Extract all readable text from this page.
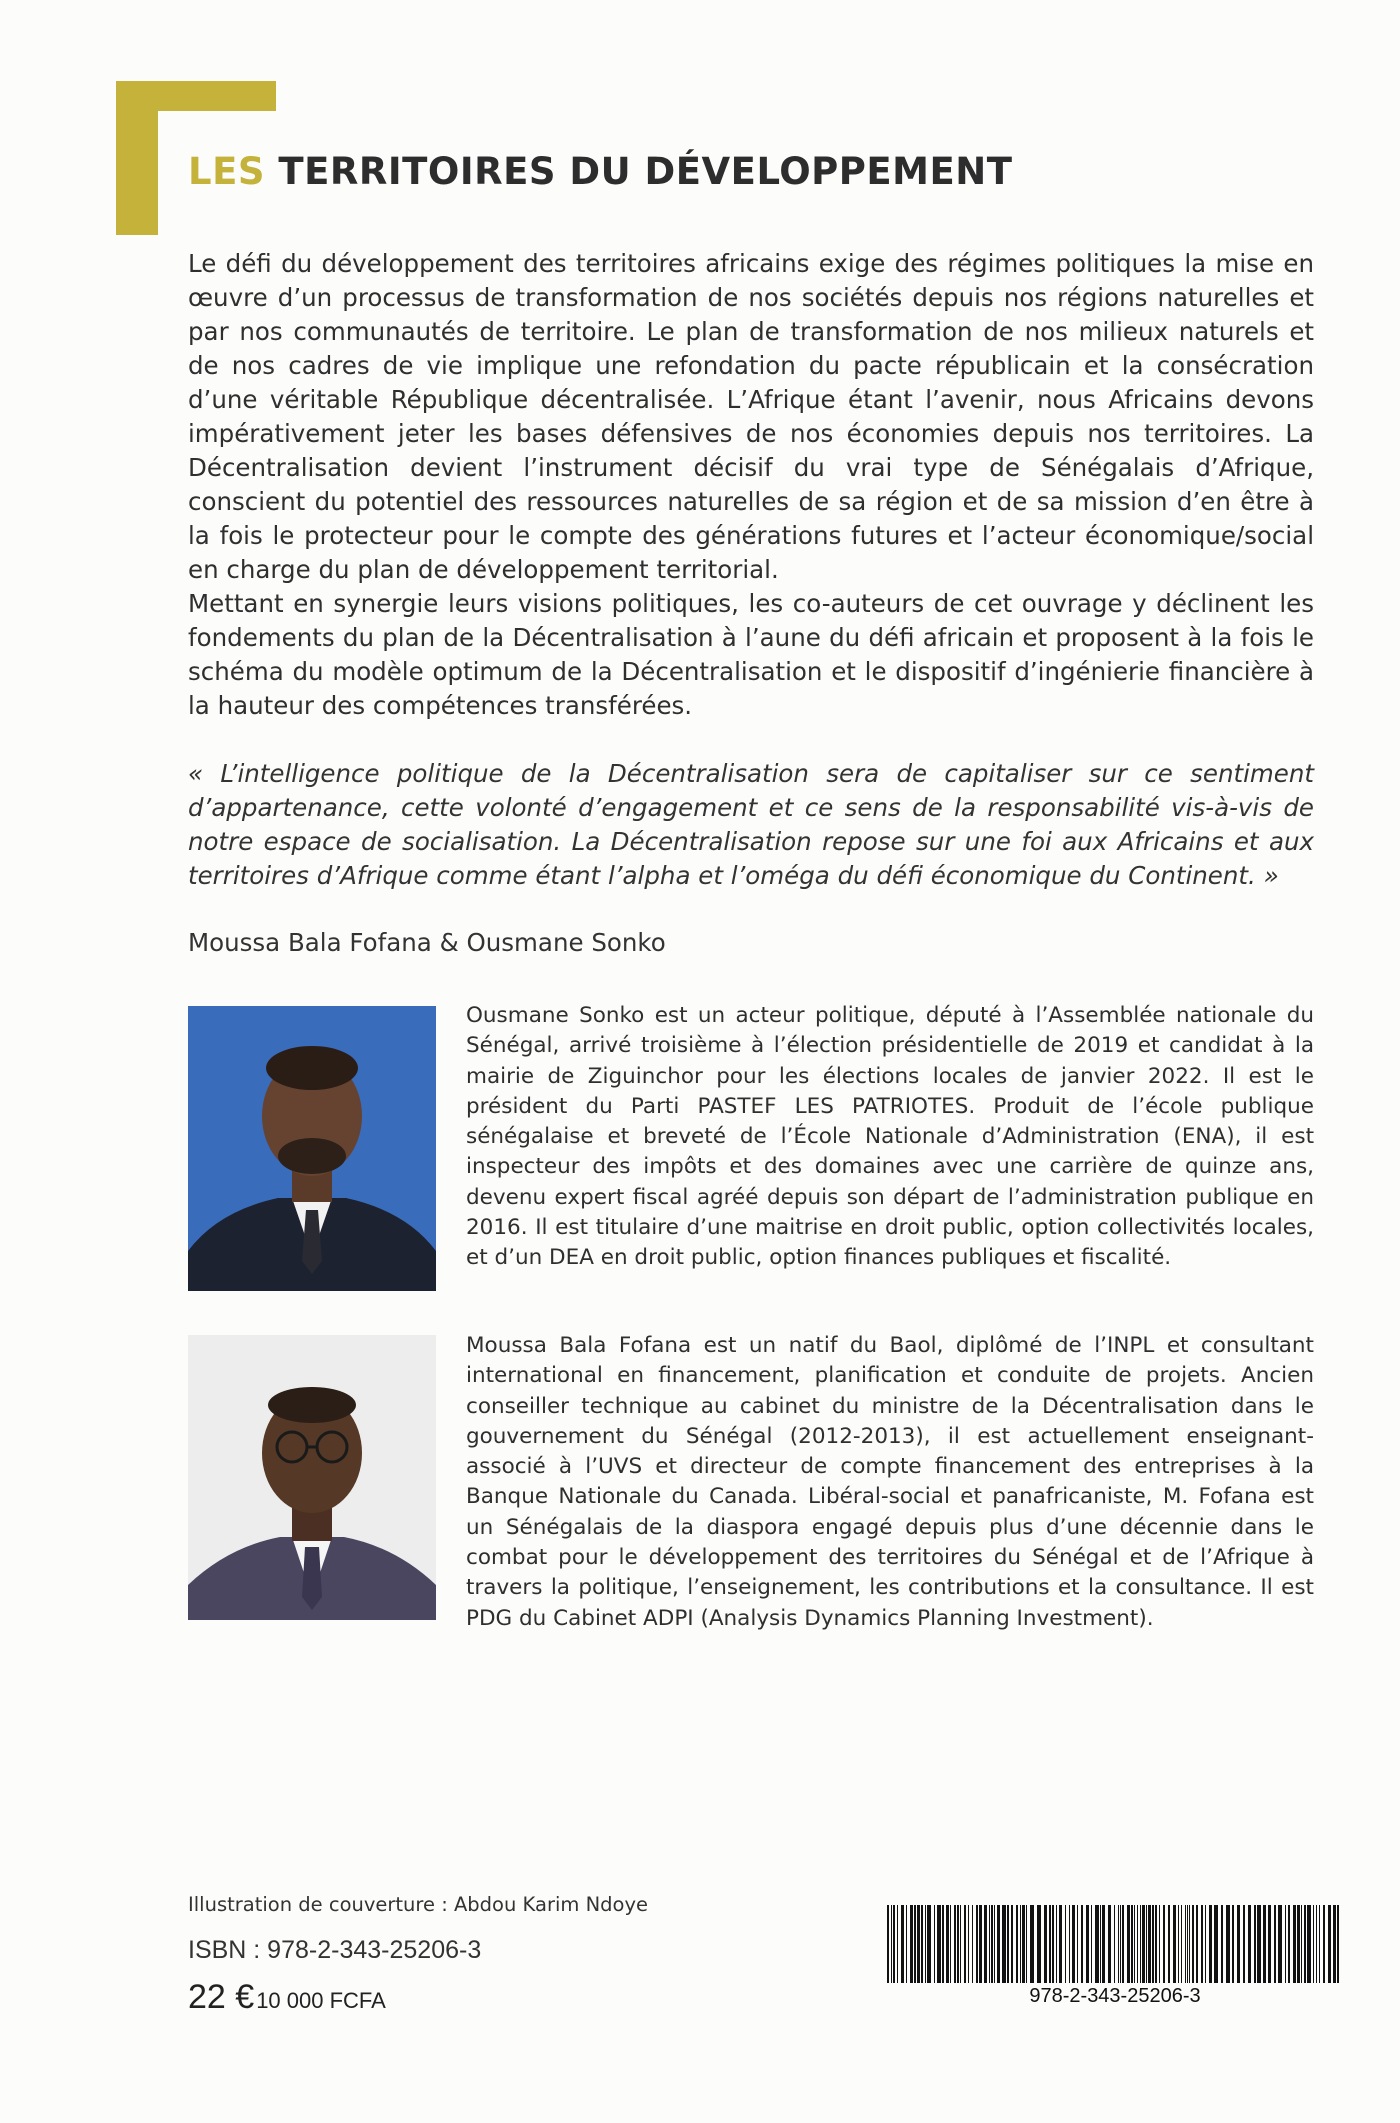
LES TERRITOIRES DU DÉVELOPPEMENT

Le défi du développement des territoires africains exige des régimes politiques la mise en œuvre d’un processus de transformation de nos sociétés depuis nos régions naturelles et par nos communautés de territoire. Le plan de transformation de nos milieux naturels et de nos cadres de vie implique une refondation du pacte républicain et la consécration d’une véritable République décentralisée. L’Afrique étant l’avenir, nous Africains devons impérativement jeter les bases défensives de nos économies depuis nos territoires. La Décentralisation devient l’instrument décisif du vrai type de Sénégalais d’Afrique, conscient du potentiel des ressources naturelles de sa région et de sa mission d’en être à la fois le protecteur pour le compte des générations futures et l’acteur économique/social en charge du plan de développement territorial.

Mettant en synergie leurs visions politiques, les co-auteurs de cet ouvrage y déclinent les fondements du plan de la Décentralisation à l’aune du défi africain et proposent à la fois le schéma du modèle optimum de la Décentralisation et le dispositif d’ingénierie financière à la hauteur des compétences transférées.

« L’intelligence politique de la Décentralisation sera de capitaliser sur ce sentiment d’appartenance, cette volonté d’engagement et ce sens de la responsabilité vis-à-vis de notre espace de socialisation. La Décentralisation repose sur une foi aux Africains et aux territoires d’Afrique comme étant l’alpha et l’oméga du défi économique du Continent. »
Moussa Bala Fofana & Ousmane Sonko
Ousmane Sonko est un acteur politique, député à l’Assemblée nationale du Sénégal, arrivé troisième à l’élection présidentielle de 2019 et candidat à la mairie de Ziguinchor pour les élections locales de janvier 2022. Il est le président du Parti PASTEF LES PATRIOTES. Produit de l’école publique sénégalaise et breveté de l’École Nationale d’Administration (ENA), il est inspecteur des impôts et des domaines avec une carrière de quinze ans, devenu expert fiscal agréé depuis son départ de l’administration publique en 2016. Il est titulaire d’une maitrise en droit public, option collectivités locales, et d’un DEA en droit public, option finances publiques et fiscalité.
Moussa Bala Fofana est un natif du Baol, diplômé de l’INPL et consultant international en financement, planification et conduite de projets. Ancien conseiller technique au cabinet du ministre de la Décentralisation dans le gouvernement du Sénégal (2012-2013), il est actuellement enseignant-associé à l’UVS et directeur de compte financement des entreprises à la Banque Nationale du Canada. Libéral-social et panafricaniste, M. Fofana est un Sénégalais de la diaspora engagé depuis plus d’une décennie dans le combat pour le développement des territoires du Sénégal et de l’Afrique à travers la politique, l’enseignement, les contributions et la consultance. Il est PDG du Cabinet ADPI (Analysis Dynamics Planning Investment).
Illustration de couverture : Abdou Karim Ndoye
ISBN : 978-2-343-25206-3
22 €10 000 FCFA	978-2-343-25206-3
